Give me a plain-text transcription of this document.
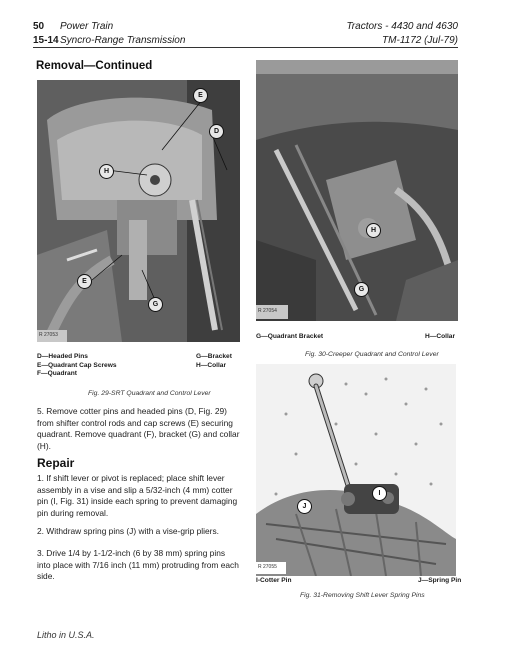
50 Power Train	Tractors - 4430 and 4630
15-14 Syncro-Range Transmission	TM-1172 (Jul-79)
Removal—Continued
E
D
H
E
G
R 27053
D—Headed Pins
E—Quadrant Cap Screws
F—Quadrant
G—Bracket
H—Collar
Fig. 29-SRT Quadrant and Control Lever
5. Remove cotter pins and headed pins (D, Fig. 29)
from shifter control rods and cap screws (E) securing
quadrant. Remove quadrant (F), bracket (G) and collar
(H).
Repair
1. If shift lever or pivot is replaced; place shift lever
assembly in a vise and slip a 5/32-inch (4 mm) cotter
pin (I, Fig. 31) inside each spring to prevent damaging
pin during removal.
2. Withdraw spring pins (J) with a vise-grip pliers.
3. Drive 1/4 by 1-1/2-inch (6 by 38 mm) spring pins
into place with 7/16 inch (11 mm) protruding from each
side.
H
G
R 27054
G—Quadrant Bracket	H—Collar
Fig. 30-Creeper Quadrant and Control Lever
J
I
R 27055
I-Cotter Pin	J—Spring Pin
Fig. 31-Removing Shift Lever Spring Pins
Litho in U.S.A.
